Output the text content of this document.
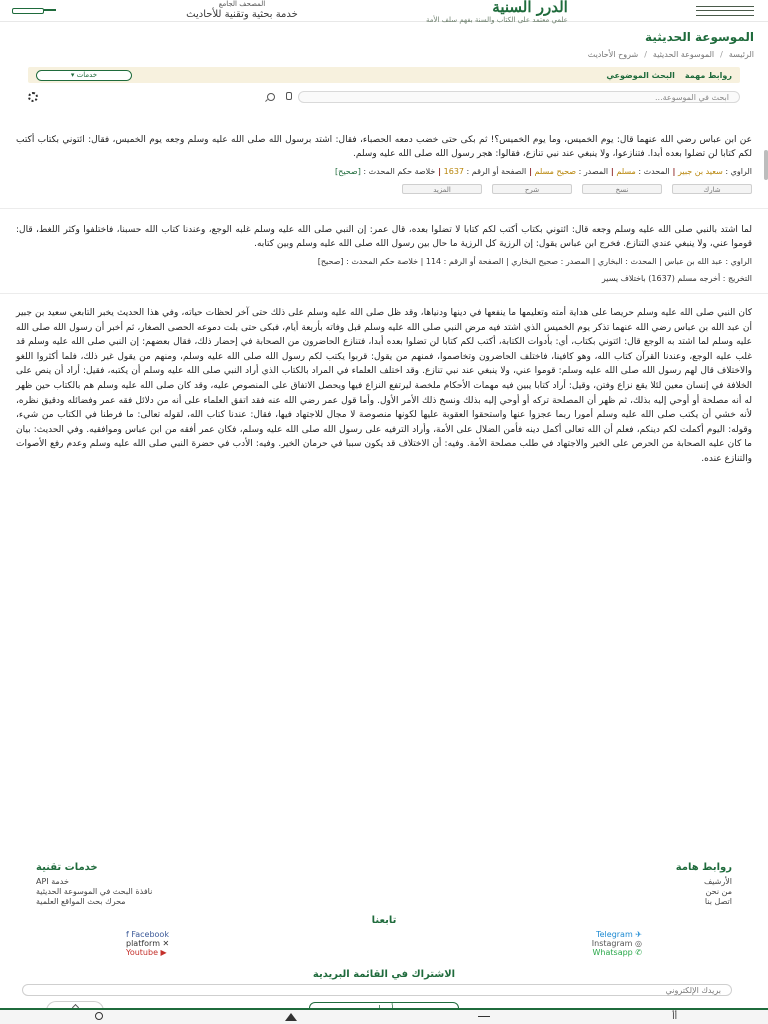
الدرر السنية
علمي معتمد على الكتاب والسنة بفهم سلف الأمة
المصحف الجامع
خدمة بحثية وتقنية للأحاديث
الموسوعة الحديثية
الرئيسة
/
الموسوعة الحديثية
/
شروح الأحاديث
روابط مهمة
البحث الموضوعي
خدمات
▾
ابحث في الموسوعة...
عن ابن عباس رضي الله عنهما قال: يوم الخميس، وما يوم الخميس؟! ثم بكى حتى خضب دمعه الحصباء، فقال: اشتد برسول الله صلى الله عليه وسلم وجعه يوم الخميس، فقال: ائتوني بكتاب أكتب لكم كتابا لن تضلوا بعده أبدا. فتنازعوا، ولا ينبغي عند نبي تنازع، فقالوا: هجر رسول الله صلى الله عليه وسلم.
الراوي : سعيد بن جبير | المحدث : مسلم | المصدر : صحيح مسلم | الصفحة أو الرقم : 1637 | خلاصة حكم المحدث : [صحيح]
شارك
نسخ
شرح
المزيد
لما اشتد بالنبي صلى الله عليه وسلم وجعه قال: ائتوني بكتاب أكتب لكم كتابا لا تضلوا بعده، قال عمر: إن النبي صلى الله عليه وسلم غلبه الوجع، وعندنا كتاب الله حسبنا، فاختلفوا وكثر اللغط، قال: قوموا عني، ولا ينبغي عندي التنازع. فخرج ابن عباس يقول: إن الرزية كل الرزية ما حال بين رسول الله صلى الله عليه وسلم وبين كتابه.
الراوي : عبد الله بن عباس | المحدث : البخاري | المصدر : صحيح البخاري | الصفحة أو الرقم : 114 | خلاصة حكم المحدث : [صحيح]
التخريج : أخرجه مسلم (1637) باختلاف يسير
كان النبي صلى الله عليه وسلم حريصا على هداية أمته وتعليمها ما ينفعها في دينها ودنياها، وقد ظل صلى الله عليه وسلم على ذلك حتى آخر لحظات حياته، وفي هذا الحديث يخبر التابعي سعيد بن جبير أن عبد الله بن عباس رضي الله عنهما تذكر يوم الخميس الذي اشتد فيه مرض النبي صلى الله عليه وسلم قبل وفاته بأربعة أيام، فبكى حتى بلت دموعه الحصى الصغار، ثم أخبر أن رسول الله صلى الله عليه وسلم لما اشتد به الوجع قال: ائتوني بكتاب، أي: بأدوات الكتابة، أكتب لكم كتابا لن تضلوا بعده أبدا، فتنازع الحاضرون من الصحابة في إحضار ذلك، فقال بعضهم: إن النبي صلى الله عليه وسلم قد غلب عليه الوجع، وعندنا القرآن كتاب الله، وهو كافينا، فاختلف الحاضرون وتخاصموا، فمنهم من يقول: قربوا يكتب لكم رسول الله صلى الله عليه وسلم، ومنهم من يقول غير ذلك، فلما أكثروا اللغو والاختلاف قال لهم رسول الله صلى الله عليه وسلم: قوموا عني، ولا ينبغي عند نبي تنازع. وقد اختلف العلماء في المراد بالكتاب الذي أراد النبي صلى الله عليه وسلم أن يكتبه، فقيل: أراد أن ينص على الخلافة في إنسان معين لئلا يقع نزاع وفتن، وقيل: أراد كتابا يبين فيه مهمات الأحكام ملخصة ليرتفع النزاع فيها ويحصل الاتفاق على المنصوص عليه، وقد كان صلى الله عليه وسلم هم بالكتاب حين ظهر له أنه مصلحة أو أوحي إليه بذلك، ثم ظهر أن المصلحة تركه أو أوحي إليه بذلك ونسخ ذلك الأمر الأول. وأما قول عمر رضي الله عنه فقد اتفق العلماء على أنه من دلائل فقه عمر وفضائله ودقيق نظره، لأنه خشي أن يكتب صلى الله عليه وسلم أمورا ربما عجزوا عنها واستحقوا العقوبة عليها لكونها منصوصة لا مجال للاجتهاد فيها، فقال: عندنا كتاب الله، لقوله تعالى: ما فرطنا في الكتاب من شيء، وقوله: اليوم أكملت لكم دينكم، فعلم أن الله تعالى أكمل دينه فأمن الضلال على الأمة، وأراد الترفيه على رسول الله صلى الله عليه وسلم، فكان عمر أفقه من ابن عباس وموافقيه. وفي الحديث: بيان ما كان عليه الصحابة من الحرص على الخير والاجتهاد في طلب مصلحة الأمة. وفيه: أن الاختلاف قد يكون سببا في حرمان الخير. وفيه: الأدب في حضرة النبي صلى الله عليه وسلم وعدم رفع الأصوات والتنازع عنده.
روابط هامة
الأرشيف
من نحن
اتصل بنا
خدمات تقنية
خدمة API
نافذة البحث في الموسوعة الحديثية
محرك بحث المواقع العلمية
تابعنا
✈ Telegram
◎ Instagram
✆ Whatsapp
f Facebook
✕ platform
▶ Youtube
الاشتراك في القائمة البريدية
بريدك الإلكتروني
أأ
